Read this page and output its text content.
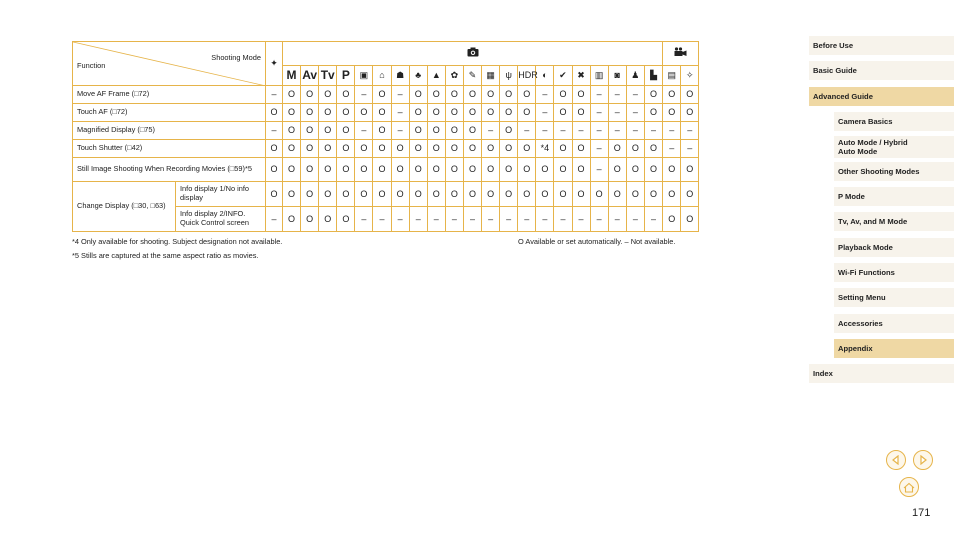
Shooting Mode
Function		✦		
			M	Av	Tv	P	▣	⌂	☗	♣	▲	✿	✎	▦	ψ	HDR	◐	✔	✖	▥	◙	♟	▙	▤	✧
Move AF Frame (□72)		–	O	O	O	O	–	O	–	O	O	O	O	O	O	O	–	O	O	–	–	–	O	O	O
Touch AF (□72)		O	O	O	O	O	O	O	–	O	O	O	O	O	O	O	–	O	O	–	–	–	O	O	O
Magnified Display (□75)		–	O	O	O	O	–	O	–	O	O	O	O	–	O	–	–	–	–	–	–	–	–	–	–
Touch Shutter (□42)		O	O	O	O	O	O	O	O	O	O	O	O	O	O	O	*4	O	O	–	O	O	O	–	–
Still Image Shooting When Recording Movies (□59)*5		O	O	O	O	O	O	O	O	O	O	O	O	O	O	O	O	O	O	–	O	O	O	O	O
Change Display (□30, □63)	Info display 1/No info display	O	O	O	O	O	O	O	O	O	O	O	O	O	O	O	O	O	O	O	O	O	O	O	O
	Info display 2/INFO. Quick Control screen	–	O	O	O	O	–	–	–	–	–	–	–	–	–	–	–	–	–	–	–	–	–	O	O
*4 Only available for shooting. Subject designation not available.	O Available or set automatically. – Not available.
*5 Stills are captured at the same aspect ratio as movies.
Before Use
Basic Guide
Advanced Guide
Camera Basics
Auto Mode / Hybrid Auto Mode
Other Shooting Modes
P Mode
Tv, Av, and M Mode
Playback Mode
Wi-Fi Functions
Setting Menu
Accessories
Appendix
Index
171
